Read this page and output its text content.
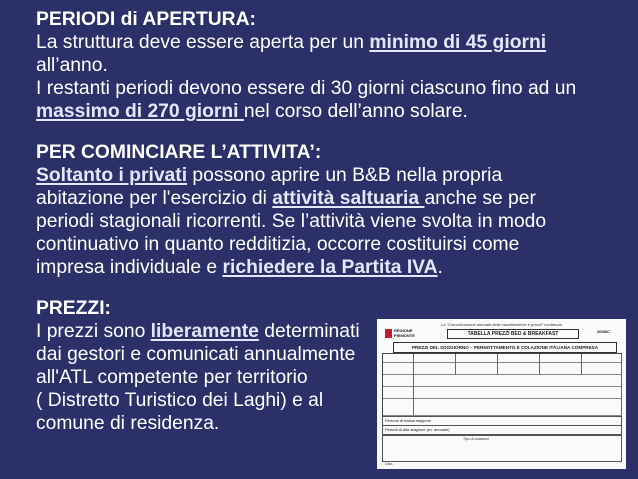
PERIODI di APERTURA:
La struttura deve essere aperta per un minimo di 45 giorni
all’anno.
I restanti periodi devono essere di 30 giorni ciascuno fino ad un
massimo di 270 giorni nel corso dell’anno solare.
PER COMINCIARE L’ATTIVITA’:
Soltanto i privati possono aprire un B&B nella propria
abitazione per l'esercizio di attività saltuaria anche se per
periodi stagionali ricorrenti. Se l’attività viene svolta in modo
continuativo in quanto redditizia, occorre costituirsi come
impresa individuale e richiedere la Partita IVA.
PREZZI:
I prezzi sono liberamente determinati
dai gestori e comunicati annualmente
all'ATL competente per territorio
( Distretto Turistico dei Laghi) e al
comune di residenza.
La "Comunicazione annuale delle caratteristiche e prezzi" contenuta
REGIONE PIEMONTE	TABELLA PREZZI BED & BREAKFAST	2008/C
PREZZI DEL SOGGIORNO – PERNOTTAMENTO E COLAZIONE ITALIANA COMPRESA
Periodo di bassa stagione
Periodi di alta stagione (ev. annuale)
Tipo di colazione
Data
